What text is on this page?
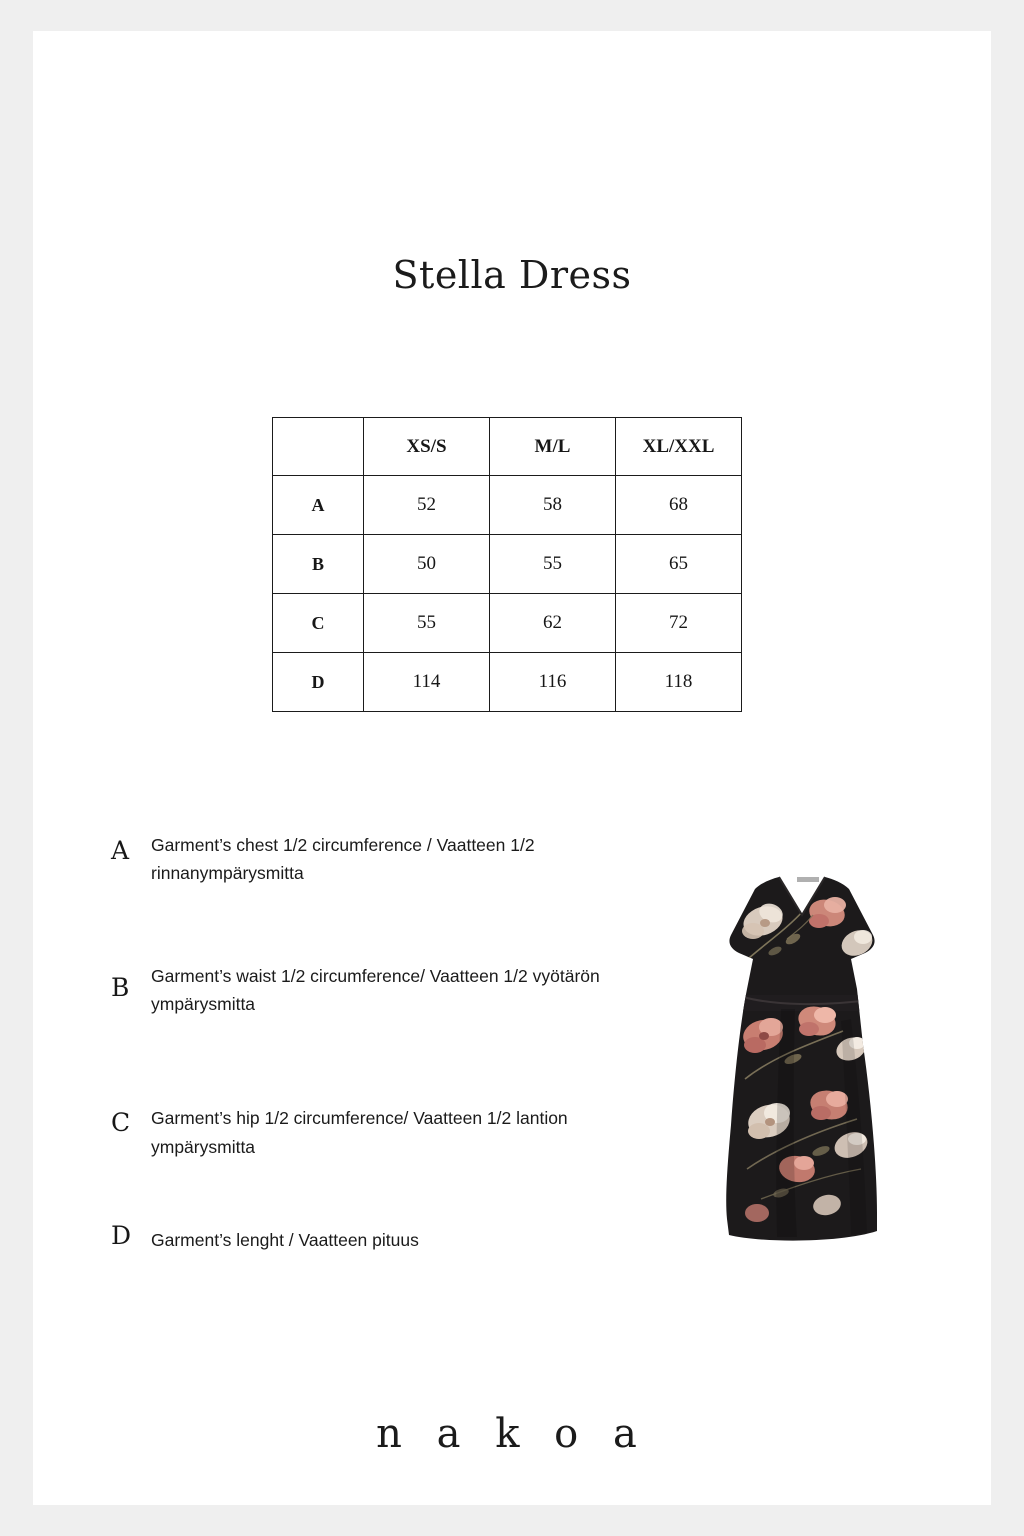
Stella Dress
	XS/S	M/L	XL/XXL
A	52	58	68
B	50	55	65
C	55	62	72
D	114	116	118
A	Garment’s chest 1/2 circumference / Vaatteen 1/2 rinnanympärysmitta
B	Garment’s waist 1/2 circumference/ Vaatteen 1/2 vyötärön ympärysmitta
C	Garment’s hip 1/2 circumference/ Vaatteen 1/2 lantion ympärysmitta
D	Garment’s lenght / Vaatteen pituus
n a k o a
